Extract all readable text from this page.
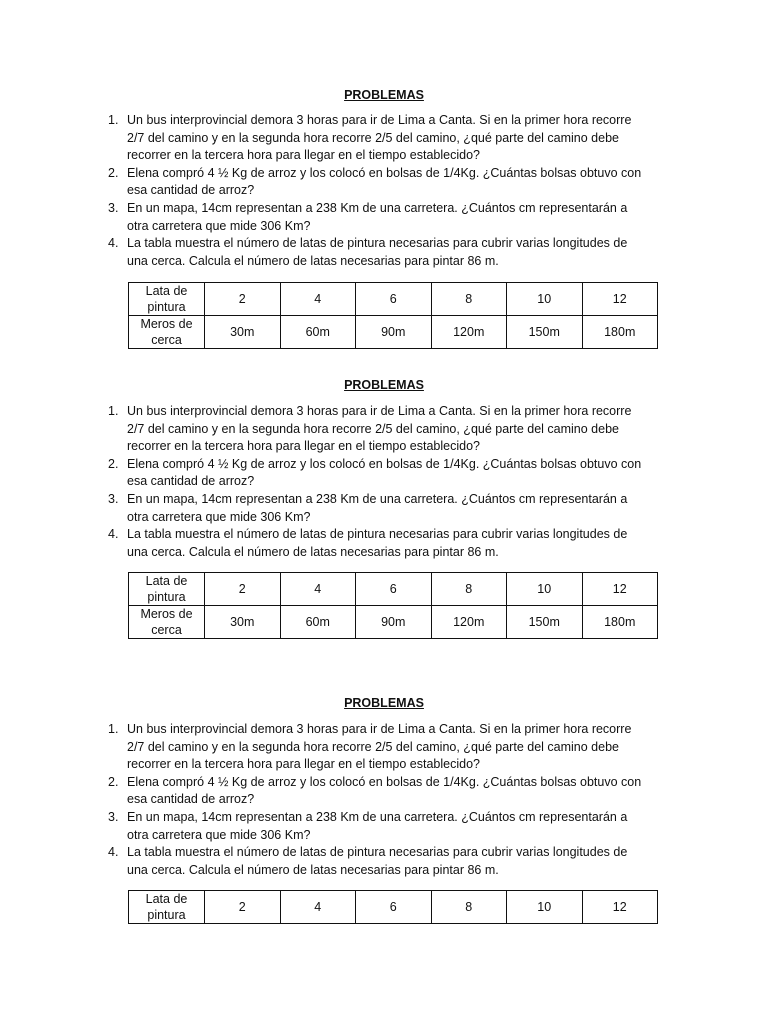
PROBLEMAS
1. Un bus interprovincial demora 3 horas para ir de Lima a Canta. Si en la primer hora recorre
2/7 del camino y en la segunda hora recorre 2/5 del camino, ¿qué parte del camino debe
recorrer en la tercera hora para llegar en el tiempo establecido?
2. Elena compró 4 ½ Kg de arroz y los colocó en bolsas de 1/4Kg. ¿Cuántas bolsas obtuvo con
esa cantidad de arroz?
3. En un mapa, 14cm representan a 238 Km de una carretera. ¿Cuántos cm representarán a
otra carretera que mide 306 Km?
4. La tabla muestra el número de latas de pintura necesarias para cubrir varias longitudes de
una cerca. Calcula el número de latas necesarias para pintar 86 m.
Lata de
pintura	2	4	6	8	10	12

Meros de
cerca	30m	60m	90m	120m	150m	180m
PROBLEMAS
1. Un bus interprovincial demora 3 horas para ir de Lima a Canta. Si en la primer hora recorre
2/7 del camino y en la segunda hora recorre 2/5 del camino, ¿qué parte del camino debe
recorrer en la tercera hora para llegar en el tiempo establecido?
2. Elena compró 4 ½ Kg de arroz y los colocó en bolsas de 1/4Kg. ¿Cuántas bolsas obtuvo con
esa cantidad de arroz?
3. En un mapa, 14cm representan a 238 Km de una carretera. ¿Cuántos cm representarán a
otra carretera que mide 306 Km?
4. La tabla muestra el número de latas de pintura necesarias para cubrir varias longitudes de
una cerca. Calcula el número de latas necesarias para pintar 86 m.
Lata de
pintura	2	4	6	8	10	12

Meros de
cerca	30m	60m	90m	120m	150m	180m
PROBLEMAS
1. Un bus interprovincial demora 3 horas para ir de Lima a Canta. Si en la primer hora recorre
2/7 del camino y en la segunda hora recorre 2/5 del camino, ¿qué parte del camino debe
recorrer en la tercera hora para llegar en el tiempo establecido?
2. Elena compró 4 ½ Kg de arroz y los colocó en bolsas de 1/4Kg. ¿Cuántas bolsas obtuvo con
esa cantidad de arroz?
3. En un mapa, 14cm representan a 238 Km de una carretera. ¿Cuántos cm representarán a
otra carretera que mide 306 Km?
4. La tabla muestra el número de latas de pintura necesarias para cubrir varias longitudes de
una cerca. Calcula el número de latas necesarias para pintar 86 m.
Lata de
pintura
	2	4	6	8	10	12
